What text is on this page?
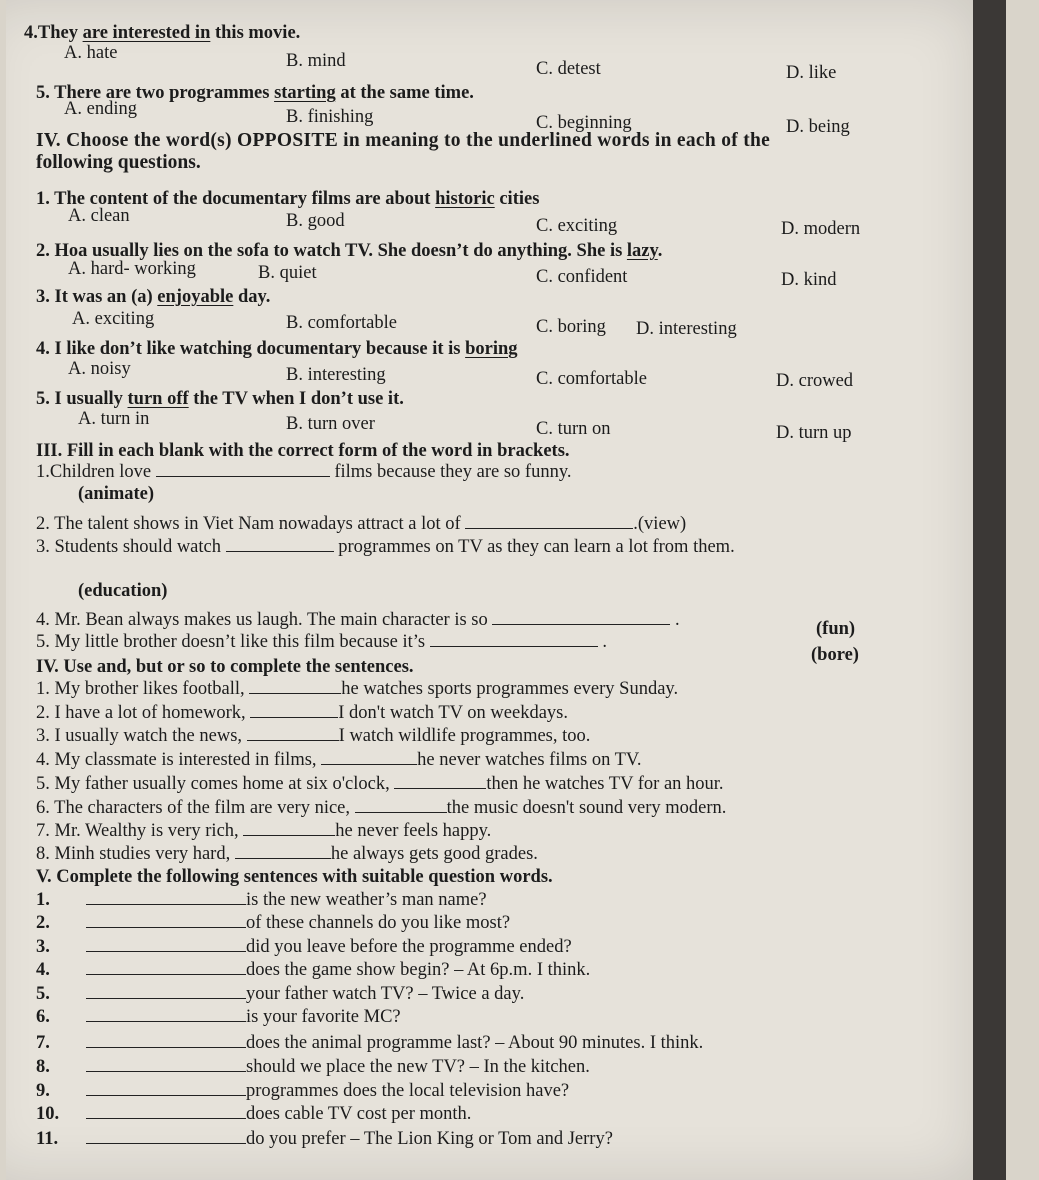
4.They are interested in this movie.
A. hate	B. mind	C. detest	D. like
5. There are two programmes starting at the same time.
A. ending	B. finishing	C. beginning	D. being
IV. Choose the word(s) OPPOSITE in meaning to the underlined words in each of the
following questions.
1. The content of the documentary films are about historic cities
A. clean	B. good	C. exciting	D. modern
2. Hoa usually lies on the sofa to watch TV. She doesn’t do anything. She is lazy.
A. hard- working	B. quiet	C. confident	D. kind
3. It was an (a) enjoyable day.
A. exciting	B. comfortable	C. boring D. interesting
4. I like don’t like watching documentary because it is boring
A. noisy	B. interesting	C. comfortable	D. crowed
5. I usually turn off the TV when I don’t use it.
A. turn in	B. turn over	C. turn on	D. turn up
III. Fill in each blank with the correct form of the word in brackets.
1.Children love	films because they are so funny.
(animate)
2. The talent shows in Viet Nam nowadays attract a lot of	.(view)
3. Students should watch	programmes on TV as they can learn a lot from them.
(education)
4. Mr. Bean always makes us laugh. The main character is so	.	(fun)
5. My little brother doesn’t like this film because it’s	.
(bore)
IV. Use and, but or so to complete the sentences.
1. My brother likes football,	he watches sports programmes every Sunday.
2. I have a lot of homework,	I don't watch TV on weekdays.
3. I usually watch the news,	I watch wildlife programmes, too.
4. My classmate is interested in films,	he never watches films on TV.
5. My father usually comes home at six o'clock,	then he watches TV for an hour.
6. The characters of the film are very nice,	the music doesn't sound very modern.
7. Mr. Wealthy is very rich,	he never feels happy.
8. Minh studies very hard,	he always gets good grades.
V. Complete the following sentences with suitable question words.
1.	is the new weather’s man name?
2.	of these channels do you like most?
3.	did you leave before the programme ended?
4.	does the game show begin? – At 6p.m. I think.
5.	your father watch TV? – Twice a day.
6.	is your favorite MC?
7.	does the animal programme last? – About 90 minutes. I think.
8.	should we place the new TV? – In the kitchen.
9.	programmes does the local television have?
10.	does cable TV cost per month.
11.	do you prefer – The Lion King or Tom and Jerry?
